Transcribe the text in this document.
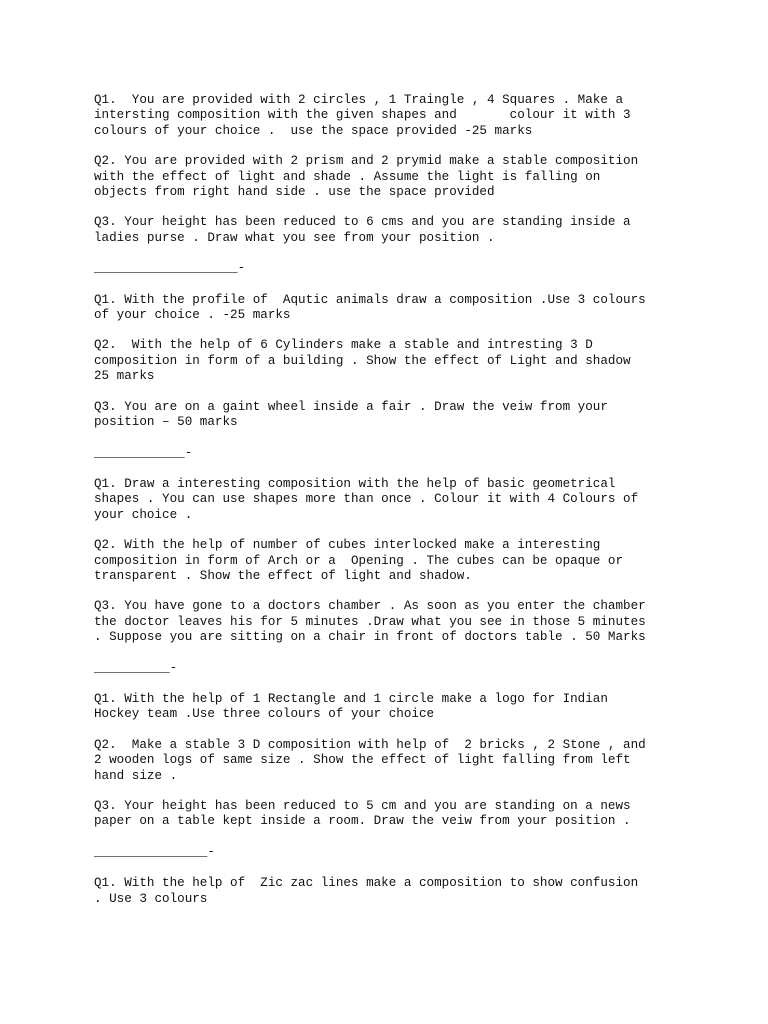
Q1.  You are provided with 2 circles , 1 Traingle , 4 Squares . Make a
intersting composition with the given shapes and       colour it with 3
colours of your choice .  use the space provided -25 marks

Q2. You are provided with 2 prism and 2 prymid make a stable composition
with the effect of light and shade . Assume the light is falling on
objects from right hand side . use the space provided

Q3. Your height has been reduced to 6 cms and you are standing inside a
ladies purse . Draw what you see from your position .

___________________-

Q1. With the profile of  Aqutic animals draw a composition .Use 3 colours
of your choice . -25 marks

Q2.  With the help of 6 Cylinders make a stable and intresting 3 D
composition in form of a building . Show the effect of Light and shadow
25 marks

Q3. You are on a gaint wheel inside a fair . Draw the veiw from your
position – 50 marks

____________-

Q1. Draw a interesting composition with the help of basic geometrical
shapes . You can use shapes more than once . Colour it with 4 Colours of
your choice .

Q2. With the help of number of cubes interlocked make a interesting
composition in form of Arch or a  Opening . The cubes can be opaque or
transparent . Show the effect of light and shadow.

Q3. You have gone to a doctors chamber . As soon as you enter the chamber
the doctor leaves his for 5 minutes .Draw what you see in those 5 minutes
. Suppose you are sitting on a chair in front of doctors table . 50 Marks

__________-

Q1. With the help of 1 Rectangle and 1 circle make a logo for Indian
Hockey team .Use three colours of your choice

Q2.  Make a stable 3 D composition with help of  2 bricks , 2 Stone , and
2 wooden logs of same size . Show the effect of light falling from left
hand size .

Q3. Your height has been reduced to 5 cm and you are standing on a news
paper on a table kept inside a room. Draw the veiw from your position .

_______________-

Q1. With the help of  Zic zac lines make a composition to show confusion
. Use 3 colours
